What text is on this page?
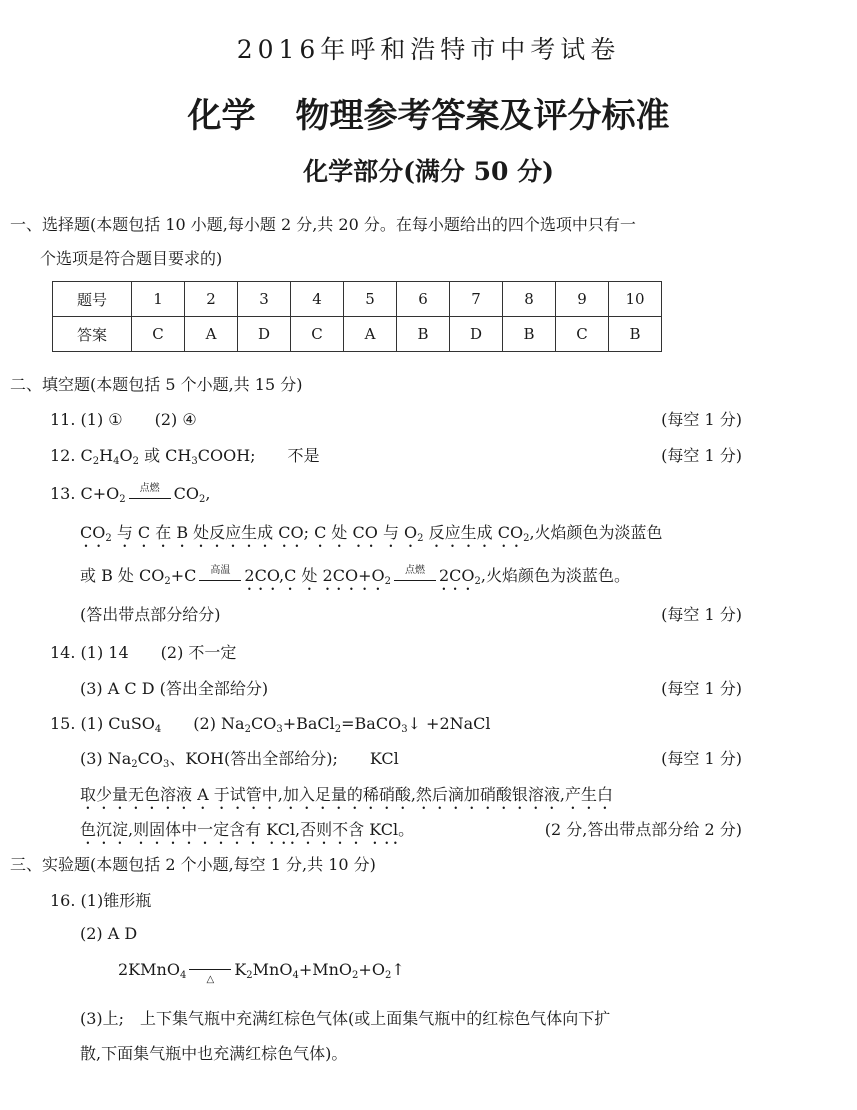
2016年呼和浩特市中考试卷
化学 物理参考答案及评分标准
化学部分(满分 50 分)
一、选择题(本题包括 10 小题,每小题 2 分,共 20 分。在每小题给出的四个选项中只有一
个选项是符合题目要求的)
题号	1	2	3	4	5	6	7	8	9	10
答案	C	A	D	C	A	B	D	B	C	B
二、填空题(本题包括 5 个小题,共 15 分)
11. (1) ①　　(2) ④	(每空 1 分)
12. $C_2H_4O_2$ 或 $CH_3COOH$;　　不是	(每空 1 分)
13. $C+O_2$
点燃 $CO_2$,
$CO_2$ 与 C 在 B 处反应生成 CO; C 处 CO 与 $O_2$ 反应生成 $CO_2$,火焰颜色为淡蓝色
或 B 处 $CO_2+C$	高温 2CO,C 处 $2CO+O_2$
点燃 $2CO_2$,火焰颜色为淡蓝色。
(答出带点部分给分)	(每空 1 分)
14. (1) 14　　(2) 不一定
(3) A C D (答出全部给分)	(每空 1 分)
15. (1) CuSO$_4$　　(2) $Na_2CO_3+BaCl_2=BaCO_3↓$ +2NaCl
(3) $Na_2CO_3$、KOH(答出全部给分);　　KCl	(每空 1 分)
取少量无色溶液 A 于试管中,加入足量的稀硝酸,然后滴加硝酸银溶液,产生白
色沉淀,则固体中一定含有 KCl,否则不含 KCl。	(2 分,答出带点部分给 2 分)
三、实验题(本题包括 2 个小题,每空 1 分,共 10 分)
16. (1)锥形瓶
(2) A D
2KMnO$_4$	△	$K_2MnO_4+MnO_2+O_2↑$
(3)上;　上下集气瓶中充满红棕色气体(或上面集气瓶中的红棕色气体向下扩
散,下面集气瓶中也充满红棕色气体)。
